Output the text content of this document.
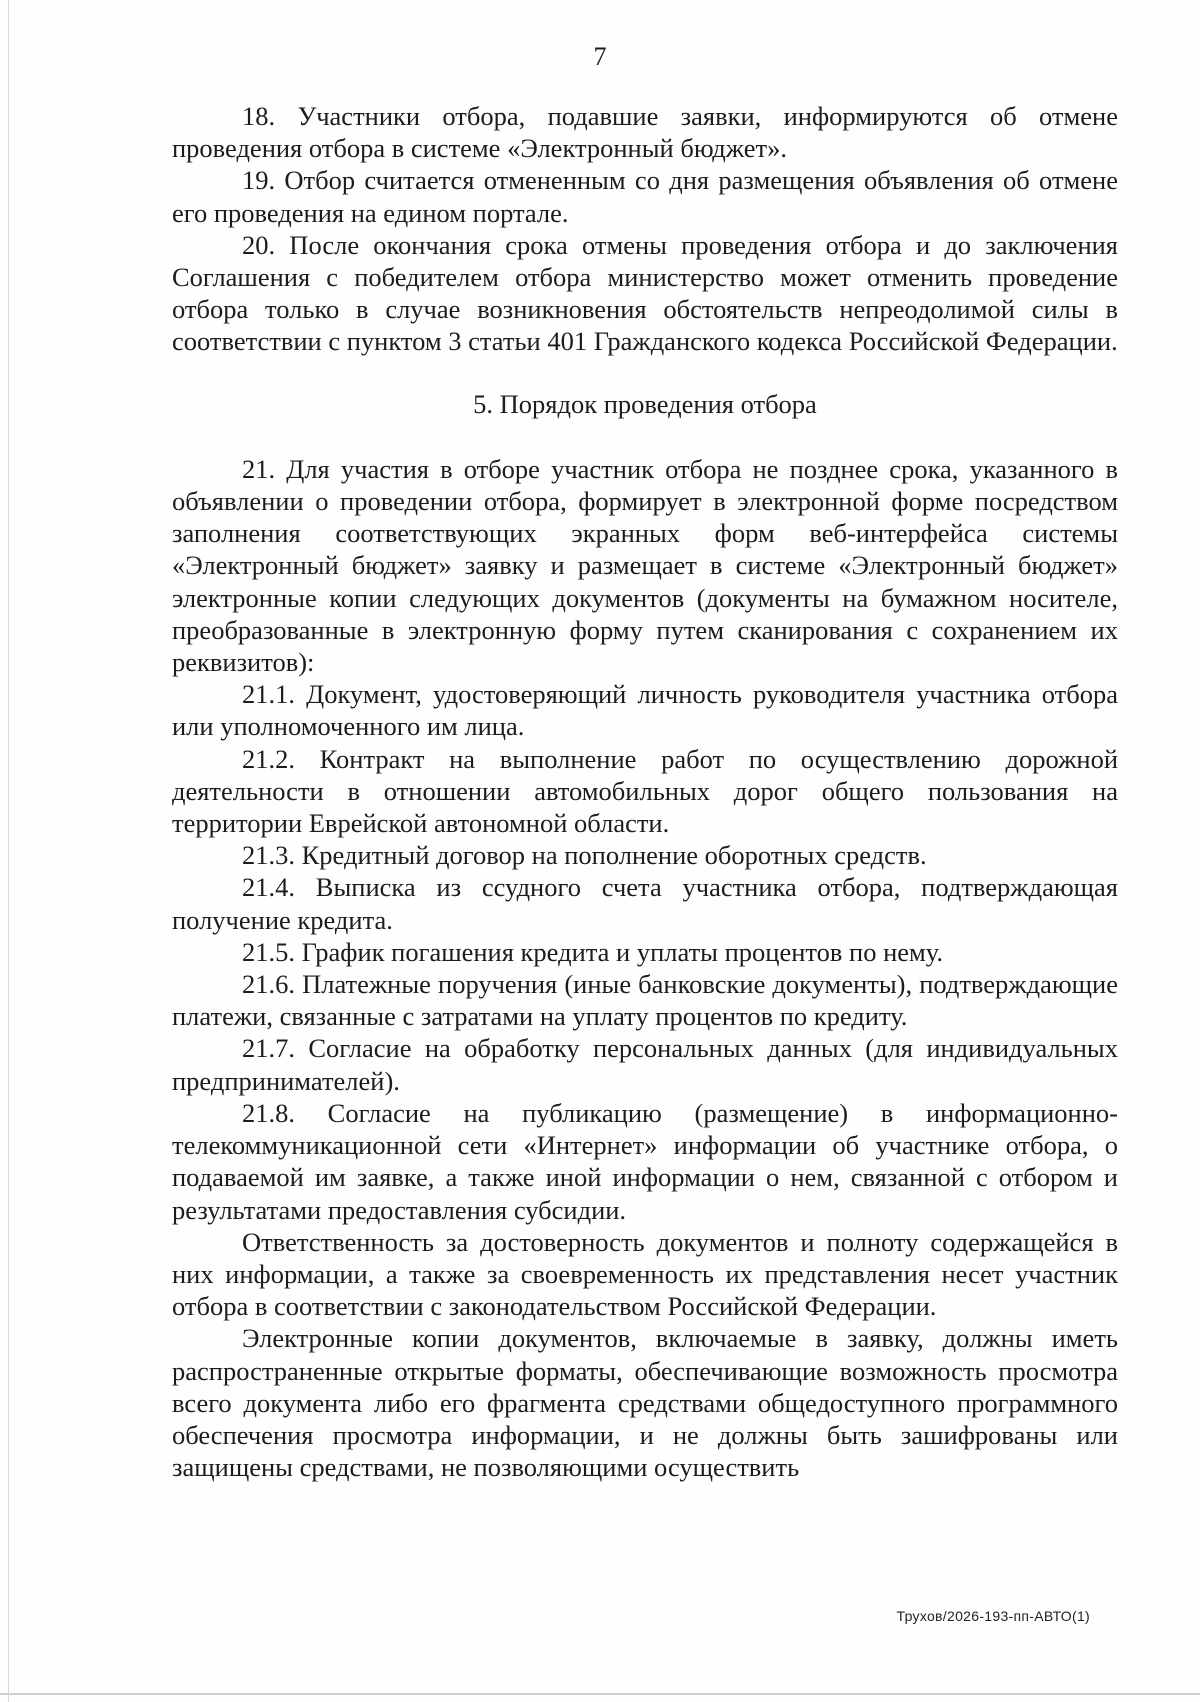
7

18. Участники отбора, подавшие заявки, информируются об отмене проведения отбора в системе «Электронный бюджет».

19. Отбор считается отмененным со дня размещения объявления об отмене его проведения на едином портале.

20. После окончания срока отмены проведения отбора и до заключения Соглашения с победителем отбора министерство может отменить проведение отбора только в случае возникновения обстоятельств непреодолимой силы в соответствии с пунктом 3 статьи 401 Гражданского кодекса Российской Федерации.

5. Порядок проведения отбора

21. Для участия в отборе участник отбора не позднее срока, указанного в объявлении о проведении отбора, формирует в электронной форме посредством заполнения соответствующих экранных форм веб-интерфейса системы «Электронный бюджет» заявку и размещает в системе «Электронный бюджет» электронные копии следующих документов (документы на бумажном носителе, преобразованные в электронную форму путем сканирования с сохранением их реквизитов):

21.1. Документ, удостоверяющий личность руководителя участника отбора или уполномоченного им лица.

21.2. Контракт на выполнение работ по осуществлению дорожной деятельности в отношении автомобильных дорог общего пользования на территории Еврейской автономной области.

21.3. Кредитный договор на пополнение оборотных средств.

21.4. Выписка из ссудного счета участника отбора, подтверждающая получение кредита.

21.5. График погашения кредита и уплаты процентов по нему.

21.6. Платежные поручения (иные банковские документы), подтверждающие платежи, связанные с затратами на уплату процентов по кредиту.

21.7. Согласие на обработку персональных данных (для индивидуальных предпринимателей).

21.8. Согласие на публикацию (размещение) в информационно-телекоммуникационной сети «Интернет» информации об участнике отбора, о подаваемой им заявке, а также иной информации о нем, связанной с отбором и результатами предоставления субсидии.

Ответственность за достоверность документов и полноту содержащейся в них информации, а также за своевременность их представления несет участник отбора в соответствии с законодательством Российской Федерации.

Электронные копии документов, включаемые в заявку, должны иметь распространенные открытые форматы, обеспечивающие возможность просмотра всего документа либо его фрагмента средствами общедоступного программного обеспечения просмотра информации, и не должны быть зашифрованы или защищены средствами, не позволяющими осуществить

Трухов/2026-193-пп-АВТО(1)
